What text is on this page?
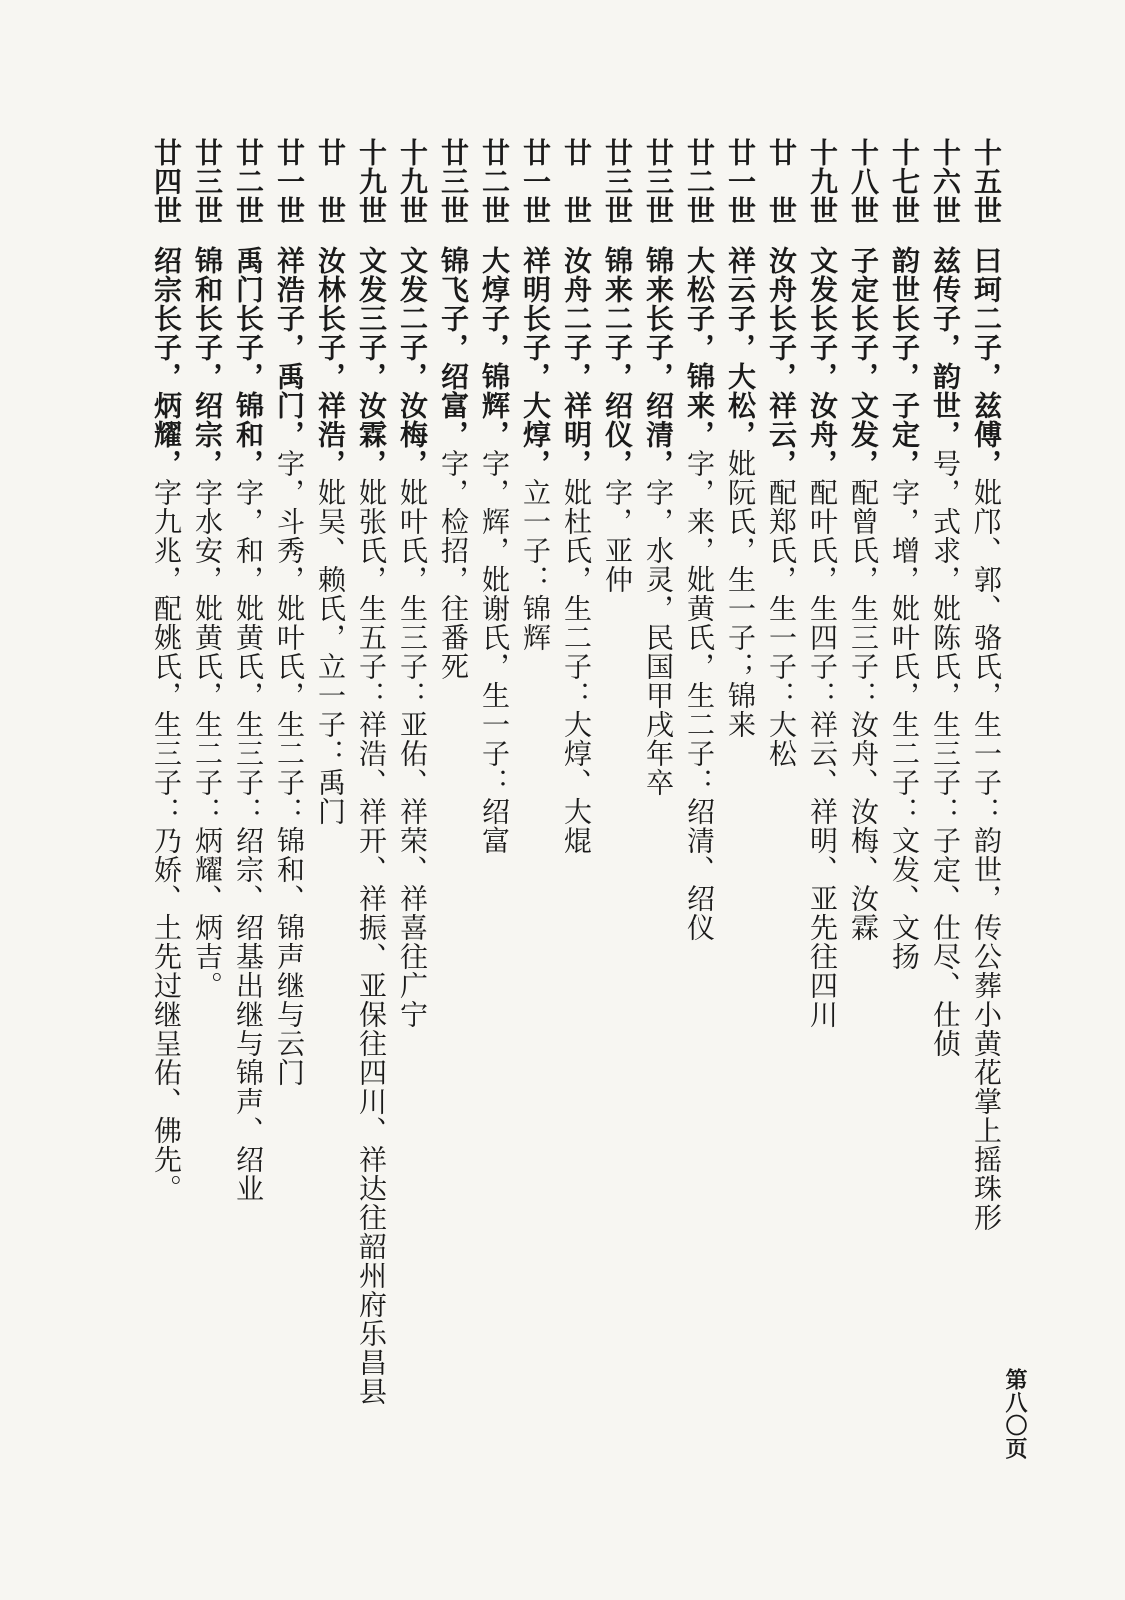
十五世曰珂二子，兹傅，妣邝、郭、骆氏，生一子：韵世，传公葬小黄花掌上摇珠形
十六世兹传子，韵世，号，式求，妣陈氏，生三子：子定、仕尽、仕侦
十七世韵世长子，子定，字，增，妣叶氏，生二子：文发、文扬
十八世子定长子，文发，配曾氏，生三子：汝舟、汝梅、汝霖
十九世文发长子，汝舟，配叶氏，生四子：祥云、祥明、亚先往四川
廿　世汝舟长子，祥云，配郑氏，生一子：大松
廿一世祥云子，大松，妣阮氏，生一子；锦来
廿二世大松子，锦来，字，来，妣黄氏，生二子：绍清、绍仪
廿三世锦来长子，绍清，字，水灵，民国甲戌年卒
廿三世锦来二子，绍仪，字，亚仲
廿　世汝舟二子，祥明，妣杜氏，生二子：大焞、大焜
廿一世祥明长子，大焞，立一子：锦辉
廿二世大焞子，锦辉，字，辉，妣谢氏，生一子：绍富
廿三世锦飞子，绍富，字，检招，往番死
十九世文发二子，汝梅，妣叶氏，生三子：亚佑、祥荣、祥喜往广宁
十九世文发三子，汝霖，妣张氏，生五子：祥浩、祥开、祥振、亚保往四川、祥达往韶州府乐昌县
廿　世汝林长子，祥浩，妣吴、赖氏，立一子：禹门
廿一世祥浩子，禹门，字，斗秀，妣叶氏，生二子：锦和、锦声继与云门
廿二世禹门长子，锦和，字，和，妣黄氏，生三子：绍宗、绍基出继与锦声、绍业
廿三世锦和长子，绍宗，字水安，妣黄氏，生二子：炳耀、炳吉。
廿四世绍宗长子，炳耀，字九兆，配姚氏，生三子：乃娇、土先过继呈佑、佛先。
第八〇页
